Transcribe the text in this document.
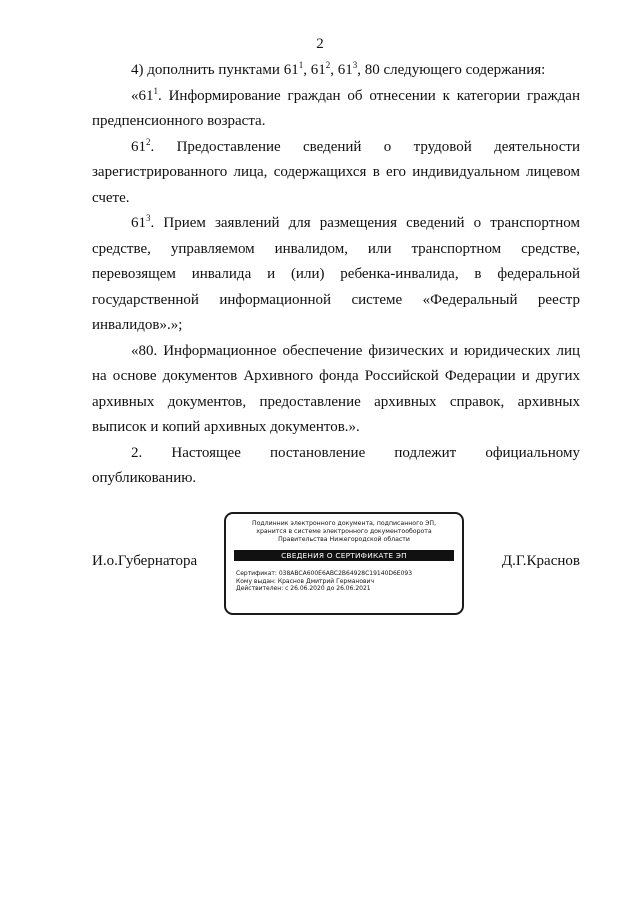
2

4) дополнить пунктами $61^1$, $61^2$, $61^3$, 80 следующего содержания:

«$61^1$. Информирование граждан об отнесении к категории граждан предпенсионного возраста.

$61^2$. Предоставление сведений о трудовой деятельности

зарегистрированного лица, содержащихся в его индивидуальном лицевом счете.

$61^3$. Прием заявлений для размещения сведений о транспортном средстве, управляемом инвалидом, или транспортном средстве, перевозящем инвалида и (или) ребенка-инвалида, в федеральной государственной информационной системе «Федеральный реестр инвалидов».»;

«80. Информационное обеспечение физических и юридических лиц на основе документов Архивного фонда Российской Федерации и других архивных документов, предоставление архивных справок, архивных выписок и копий архивных документов.».

2. Настоящее постановление подлежит официальному

опубликованию.

И.о.Губернатора	Д.Г.Краснов
Подлинник электронного документа, подписанного ЭП,
хранится в системе электронного документооборота
Правительства Нижегородской области
СВЕДЕНИЯ О СЕРТИФИКАТЕ ЭП
Сертификат: 038ABCA600E6ABC2B64928C19140D6E093
Кому выдан: Краснов Дмитрий Германович
Действителен: с 26.06.2020 до 26.06.2021
